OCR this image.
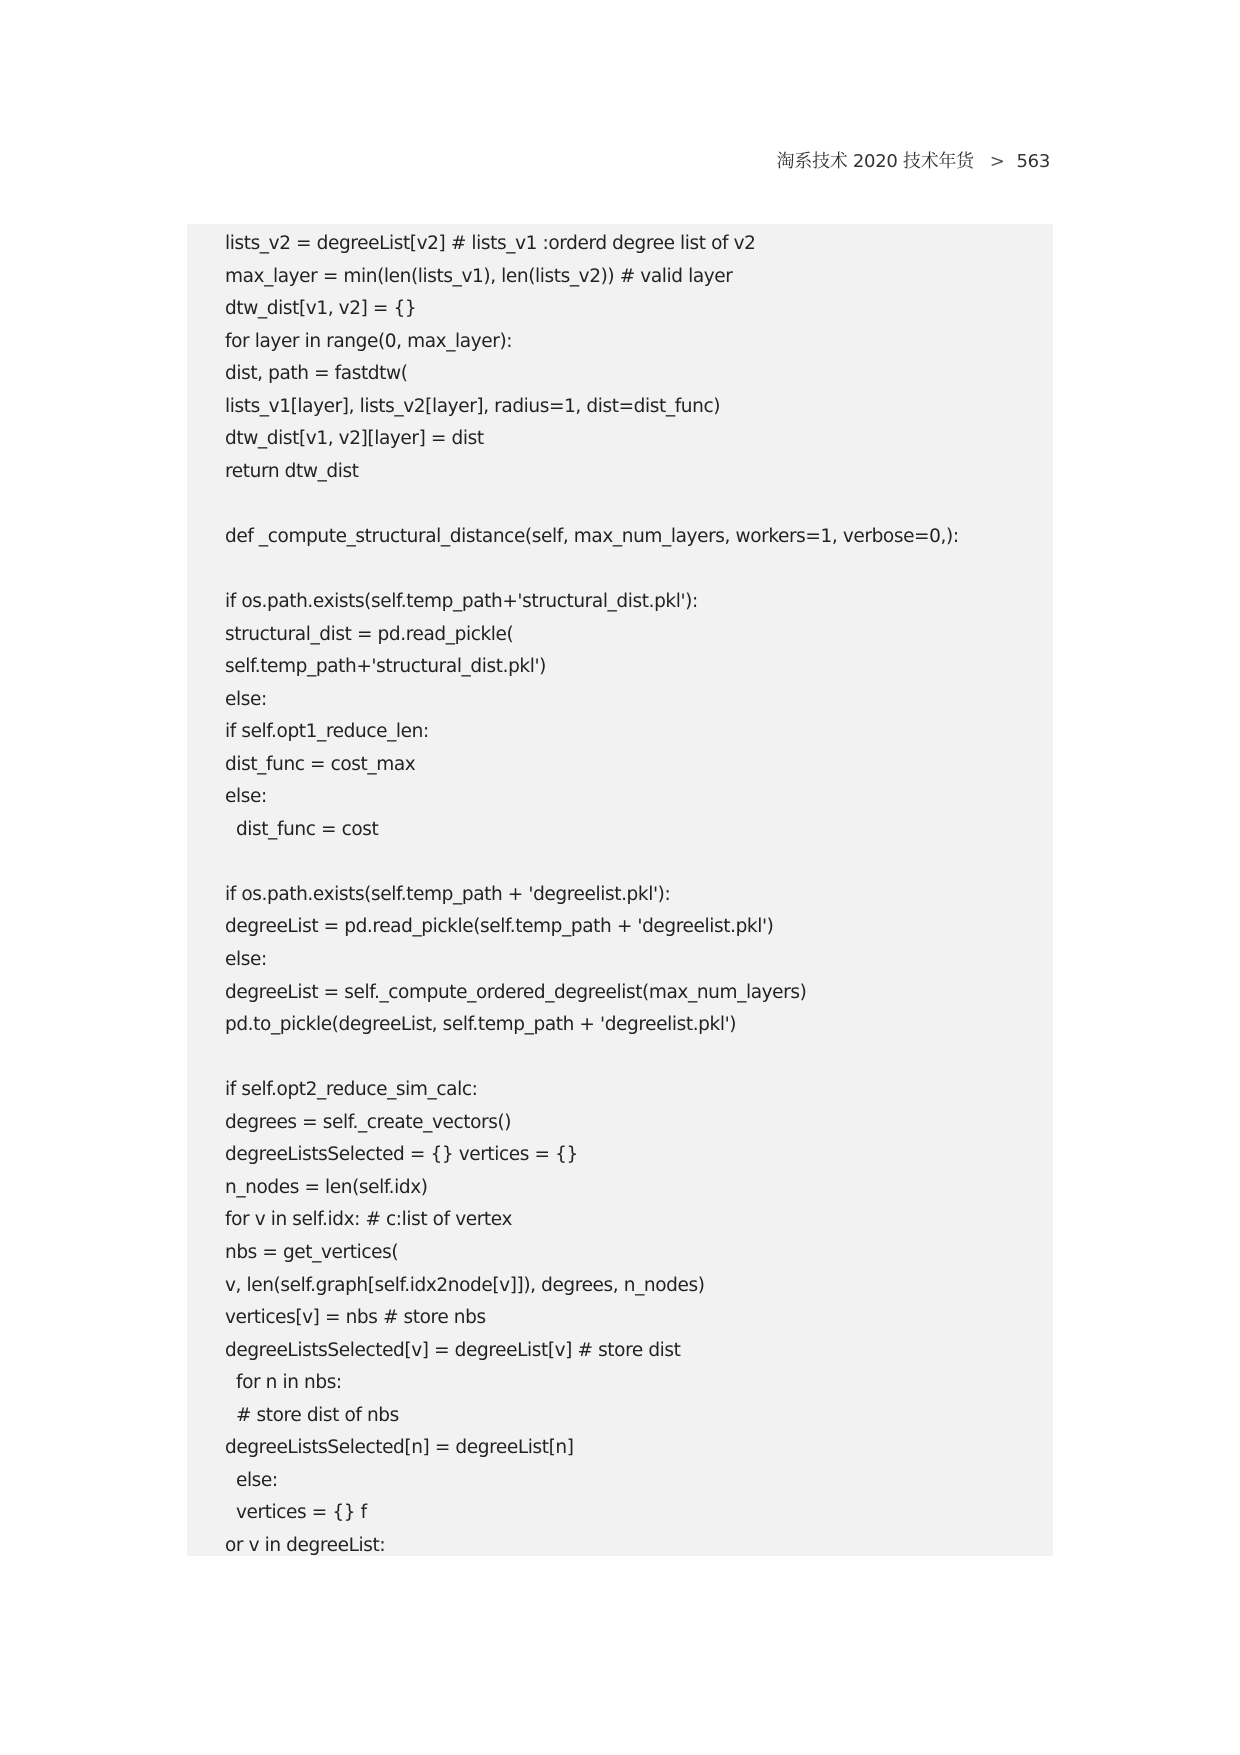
淘系技术 2020 技术年货 > 563
lists_v2 = degreeList[v2] # lists_v1 :orderd degree list of v2
max_layer = min(len(lists_v1), len(lists_v2)) # valid layer
dtw_dist[v1, v2] = {}
for layer in range(0, max_layer):
dist, path = fastdtw(
lists_v1[layer], lists_v2[layer], radius=1, dist=dist_func)
dtw_dist[v1, v2][layer] = dist
return dtw_dist
def _compute_structural_distance(self, max_num_layers, workers=1, verbose=0,):
if os.path.exists(self.temp_path+'structural_dist.pkl'):
structural_dist = pd.read_pickle(
self.temp_path+'structural_dist.pkl')
else:
if self.opt1_reduce_len:
dist_func = cost_max
else:
dist_func = cost
if os.path.exists(self.temp_path + 'degreelist.pkl'):
degreeList = pd.read_pickle(self.temp_path + 'degreelist.pkl')
else:
degreeList = self._compute_ordered_degreelist(max_num_layers)
pd.to_pickle(degreeList, self.temp_path + 'degreelist.pkl')
if self.opt2_reduce_sim_calc:
degrees = self._create_vectors()
degreeListsSelected = {} vertices = {}
n_nodes = len(self.idx)
for v in self.idx: # c:list of vertex
nbs = get_vertices(
v, len(self.graph[self.idx2node[v]]), degrees, n_nodes)
vertices[v] = nbs # store nbs
degreeListsSelected[v] = degreeList[v] # store dist
for n in nbs:
# store dist of nbs
degreeListsSelected[n] = degreeList[n]
else:
vertices = {} f
or v in degreeList:
